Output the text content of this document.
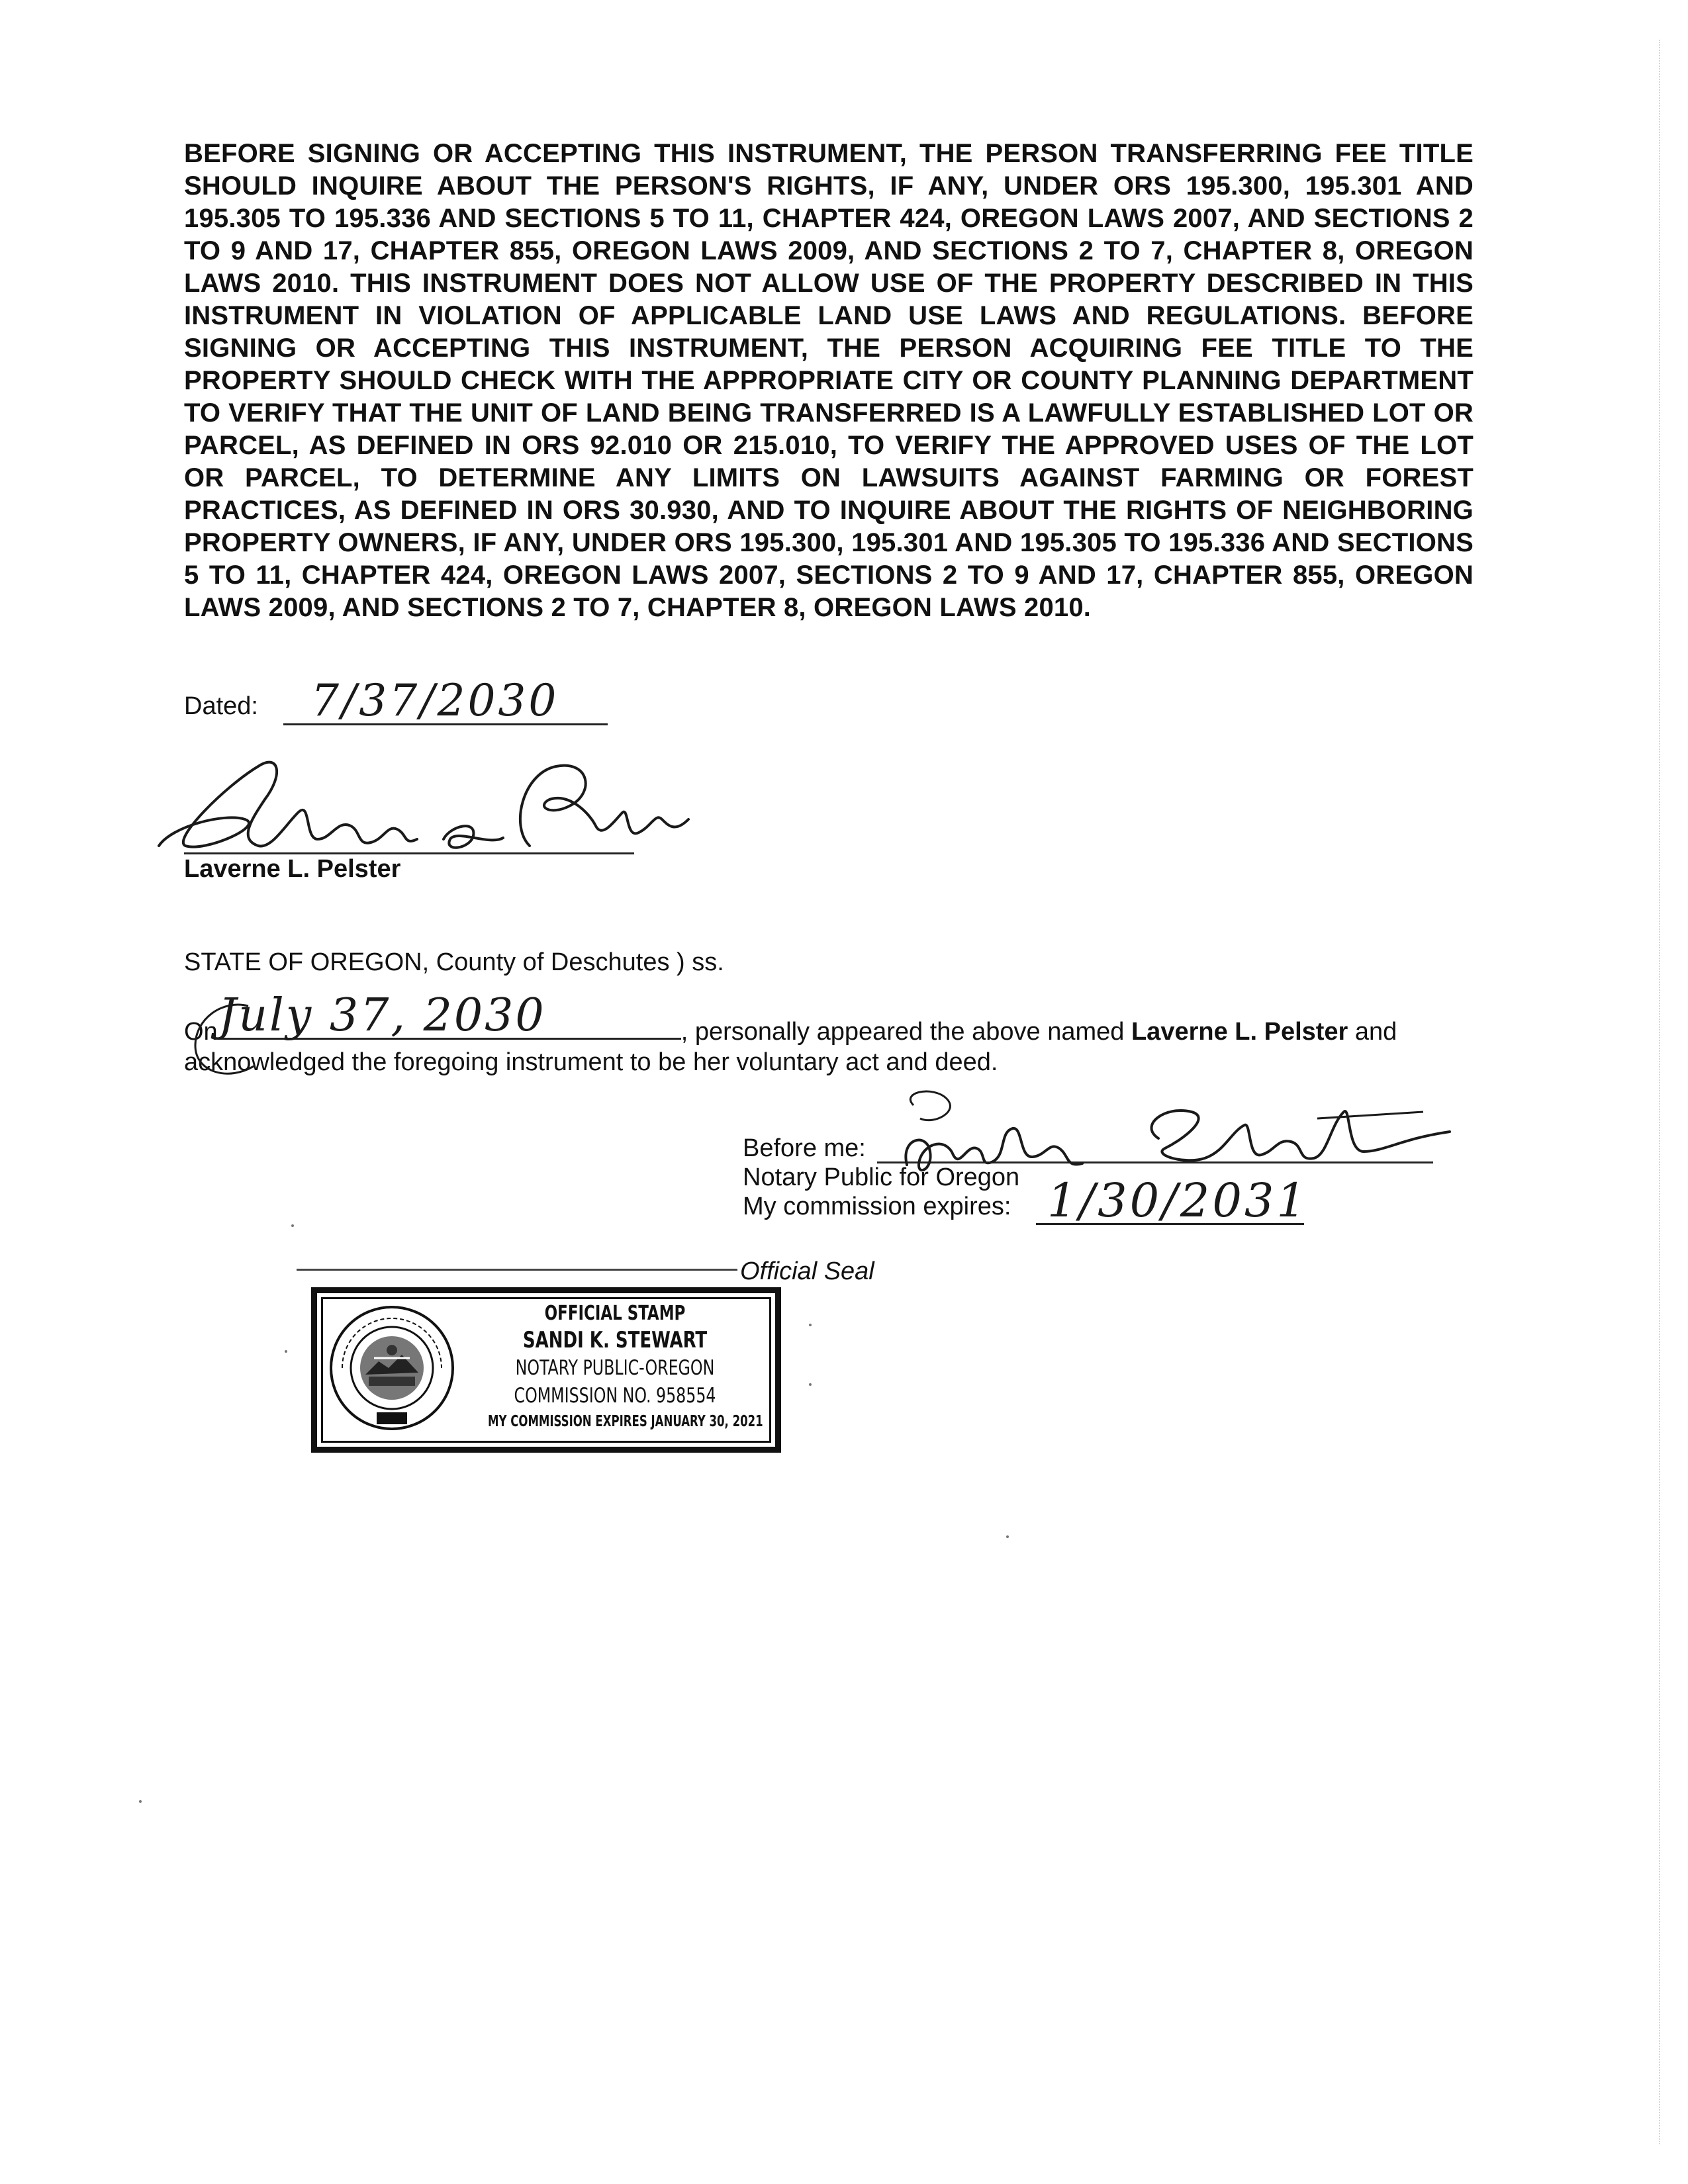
BEFORE SIGNING OR ACCEPTING THIS INSTRUMENT, THE PERSON TRANSFERRING FEE TITLE SHOULD INQUIRE ABOUT THE PERSON'S RIGHTS, IF ANY, UNDER ORS 195.300, 195.301 AND 195.305 TO 195.336 AND SECTIONS 5 TO 11, CHAPTER 424, OREGON LAWS 2007, AND SECTIONS 2 TO 9 AND 17, CHAPTER 855, OREGON LAWS 2009, AND SECTIONS 2 TO 7, CHAPTER 8, OREGON LAWS 2010. THIS INSTRUMENT DOES NOT ALLOW USE OF THE PROPERTY DESCRIBED IN THIS INSTRUMENT IN VIOLATION OF APPLICABLE LAND USE LAWS AND REGULATIONS. BEFORE SIGNING OR ACCEPTING THIS INSTRUMENT, THE PERSON ACQUIRING FEE TITLE TO THE PROPERTY SHOULD CHECK WITH THE APPROPRIATE CITY OR COUNTY PLANNING DEPARTMENT TO VERIFY THAT THE UNIT OF LAND BEING TRANSFERRED IS A LAWFULLY ESTABLISHED LOT OR PARCEL, AS DEFINED IN ORS 92.010 OR 215.010, TO VERIFY THE APPROVED USES OF THE LOT OR PARCEL, TO DETERMINE ANY LIMITS ON LAWSUITS AGAINST FARMING OR FOREST PRACTICES, AS DEFINED IN ORS 30.930, AND TO INQUIRE ABOUT THE RIGHTS OF NEIGHBORING PROPERTY OWNERS, IF ANY, UNDER ORS 195.300, 195.301 AND 195.305 TO 195.336 AND SECTIONS 5 TO 11, CHAPTER 424, OREGON LAWS 2007, SECTIONS 2 TO 9 AND 17, CHAPTER 855, OREGON LAWS 2009, AND SECTIONS 2 TO 7, CHAPTER 8, OREGON LAWS 2010.

Dated: 7/37/2030
Laverne L. Pelster
STATE OF OREGON, County of Deschutes ) ss.
On	, personally appeared the above named Laverne L. Pelster and
July 37, 2030
acknowledged the foregoing instrument to be her voluntary act and deed.
Before me:
Notary Public for Oregon
My commission expires: 1/30/2031
Official Seal
OFFICIAL STAMP
SANDI K. STEWART
NOTARY PUBLIC-OREGON
COMMISSION NO. 958554
MY COMMISSION EXPIRES JANUARY 30, 2021
